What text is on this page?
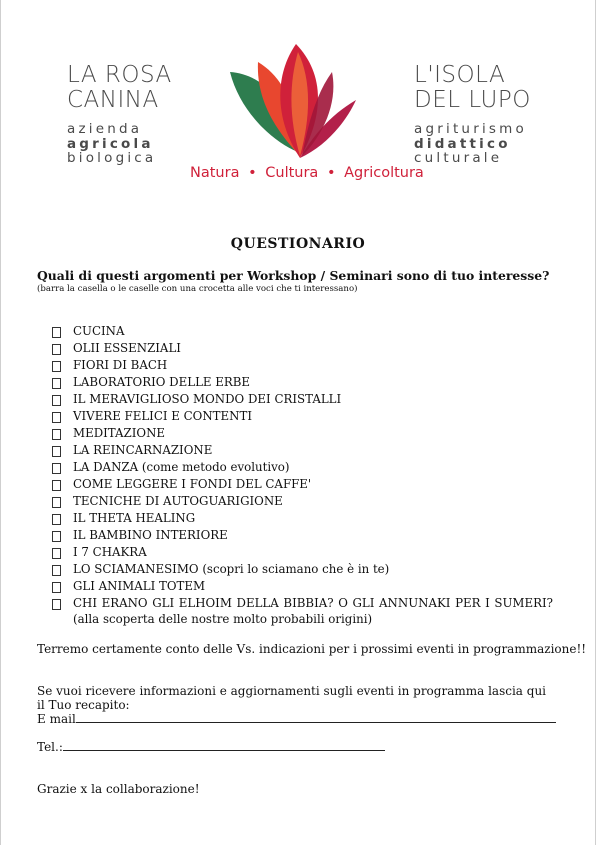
LA ROSA
CANINA
azienda
agricola
biologica
L'ISOLA
DEL LUPO
agriturismo
didattico
culturale
Natura • Cultura • Agricoltura
QUESTIONARIO
Quali di questi argomenti per Workshop / Seminari sono di tuo interesse?
(barra la casella o le caselle con una crocetta alle voci che ti interessano)
CUCINA
OLII ESSENZIALI
FIORI DI BACH
LABORATORIO DELLE ERBE
IL MERAVIGLIOSO MONDO DEI CRISTALLI
VIVERE FELICI E CONTENTI
MEDITAZIONE
LA REINCARNAZIONE
LA DANZA (come metodo evolutivo)
COME LEGGERE I FONDI DEL CAFFE'
TECNICHE DI AUTOGUARIGIONE
IL THETA HEALING
IL BAMBINO INTERIORE
I 7 CHAKRA
LO SCIAMANESIMO (scopri lo sciamano che è in te)
GLI ANIMALI TOTEM
CHI ERANO GLI ELHOIM DELLA BIBBIA? O GLI ANNUNAKI PER I SUMERI? (alla scoperta delle nostre molto probabili origini)
Terremo certamente conto delle Vs. indicazioni per i prossimi eventi in programmazione!!
Se vuoi ricevere informazioni e aggiornamenti sugli eventi in programma lascia qui il Tuo recapito:
E mail
Tel.:
Grazie x la collaborazione!
